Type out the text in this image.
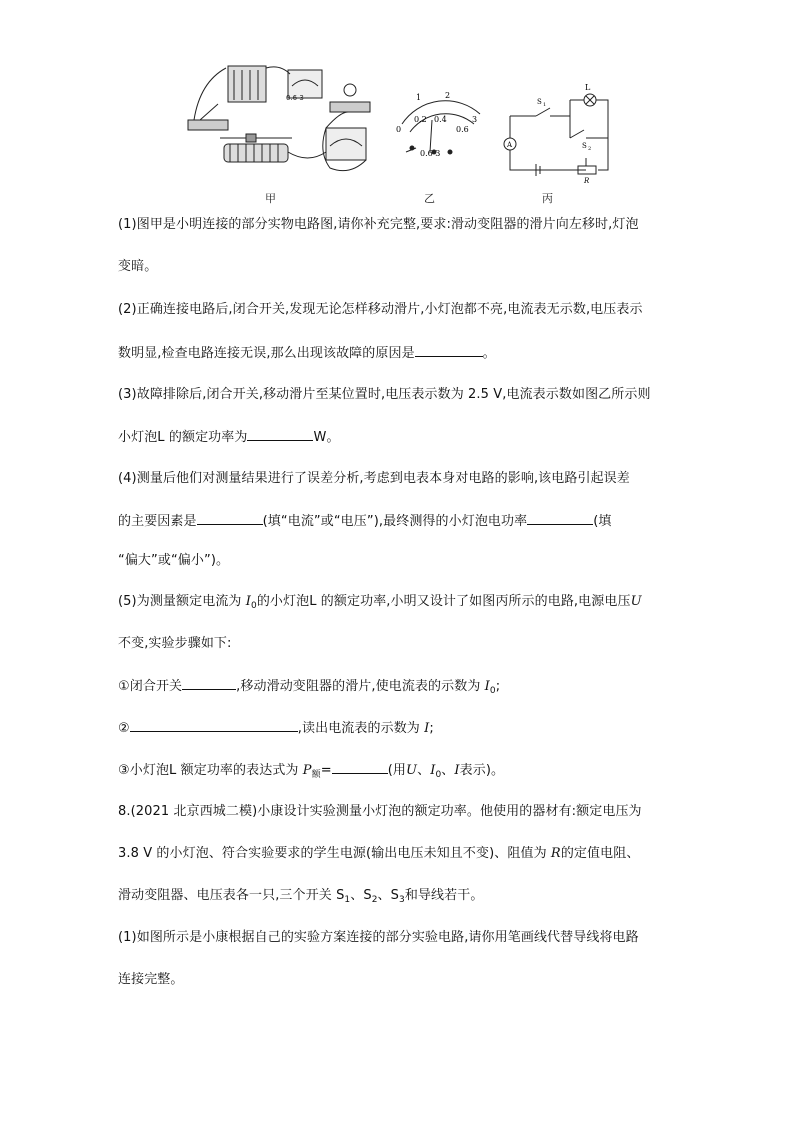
0.6 3	1	2
0.2 0.4
0	0.6
3
0.6 3
L
S 1
S 2
A
R
甲	乙	丙
(1)图甲是小明连接的部分实物电路图,请你补充完整,要求:滑动变阻器的滑片向左移时,灯泡
变暗。
(2)正确连接电路后,闭合开关,发现无论怎样移动滑片,小灯泡都不亮,电流表无示数,电压表示
数明显,检查电路连接无误,那么出现该故障的原因是	。
(3)故障排除后,闭合开关,移动滑片至某位置时,电压表示数为 2.5 V,电流表示数如图乙所示则
小灯泡L 的额定功率为	W。
(4)测量后他们对测量结果进行了误差分析,考虑到电表本身对电路的影响,该电路引起误差
的主要因素是	(填“电流”或“电压”),最终测得的小灯泡电功率	(填
“偏大”或“偏小”)。
(5)为测量额定电流为 $I_0$的小灯泡L 的额定功率,小明又设计了如图丙所示的电路,电源电压U
不变,实验步骤如下:
①闭合开关	,移动滑动变阻器的滑片,使电流表的示数为 $I_0$;
②	,读出电流表的示数为 I;
③小灯泡L 额定功率的表达式为 $P_额=$	(用U、$I_0$、I表示)。
8.(2021 北京西城二模)小康设计实验测量小灯泡的额定功率。他使用的器材有:额定电压为
3.8 V 的小灯泡、符合实验要求的学生电源(输出电压未知且不变)、阻值为 R的定值电阻、
滑动变阻器、电压表各一只,三个开关 $S_1$、$S_2$、$S_3$和导线若干。
(1)如图所示是小康根据自己的实验方案连接的部分实验电路,请你用笔画线代替导线将电路
连接完整。
